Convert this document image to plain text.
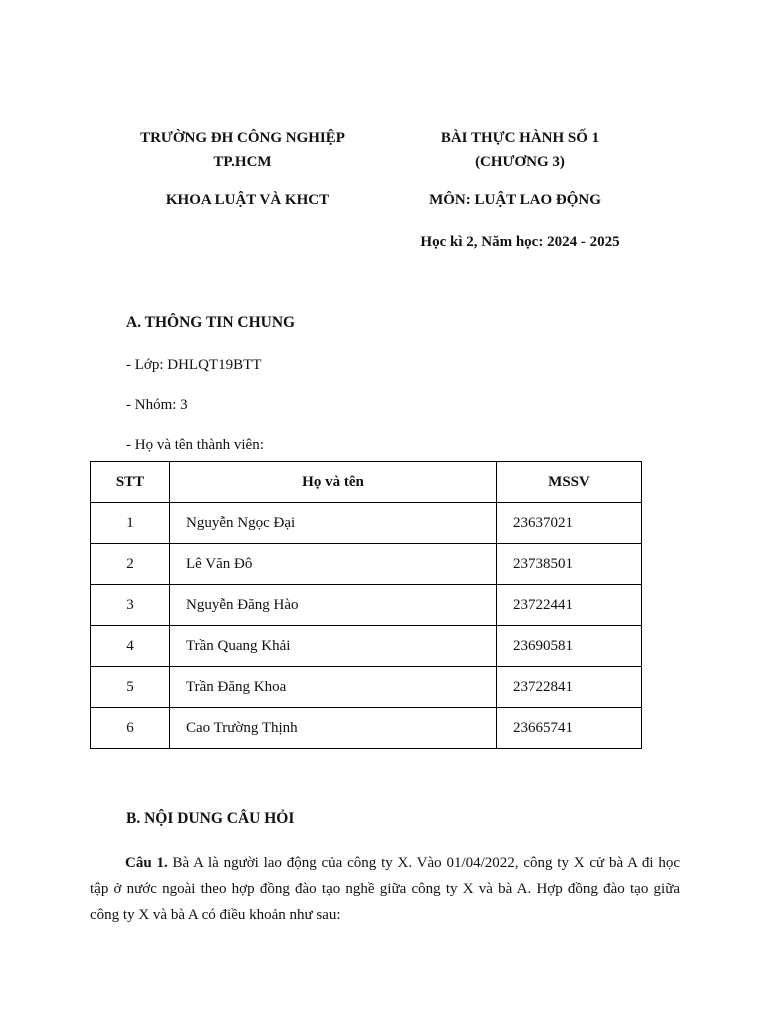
TRƯỜNG ĐH CÔNG NGHIỆP
TP.HCM
BÀI THỰC HÀNH SỐ 1
(CHƯƠNG 3)
KHOA LUẬT VÀ KHCT	MÔN: LUẬT LAO ĐỘNG
Học kì 2, Năm học: 2024 - 2025
A. THÔNG TIN CHUNG
- Lớp: DHLQT19BTT
- Nhóm: 3
- Họ và tên thành viên:
STT	Họ và tên	MSSV
1	Nguyễn Ngọc Đại	23637021
2	Lê Văn Đô	23738501
3	Nguyễn Đăng Hào	23722441
4	Trần Quang Khải	23690581
5	Trần Đăng Khoa	23722841
6	Cao Trường Thịnh	23665741
B. NỘI DUNG CÂU HỎI
Câu 1. Bà A là người lao động của công ty X. Vào 01/04/2022, công ty X cử bà A đi học tập ở nước ngoài theo hợp đồng đào tạo nghề giữa công ty X và bà A. Hợp đồng đào tạo giữa công ty X và bà A có điều khoản như sau:
